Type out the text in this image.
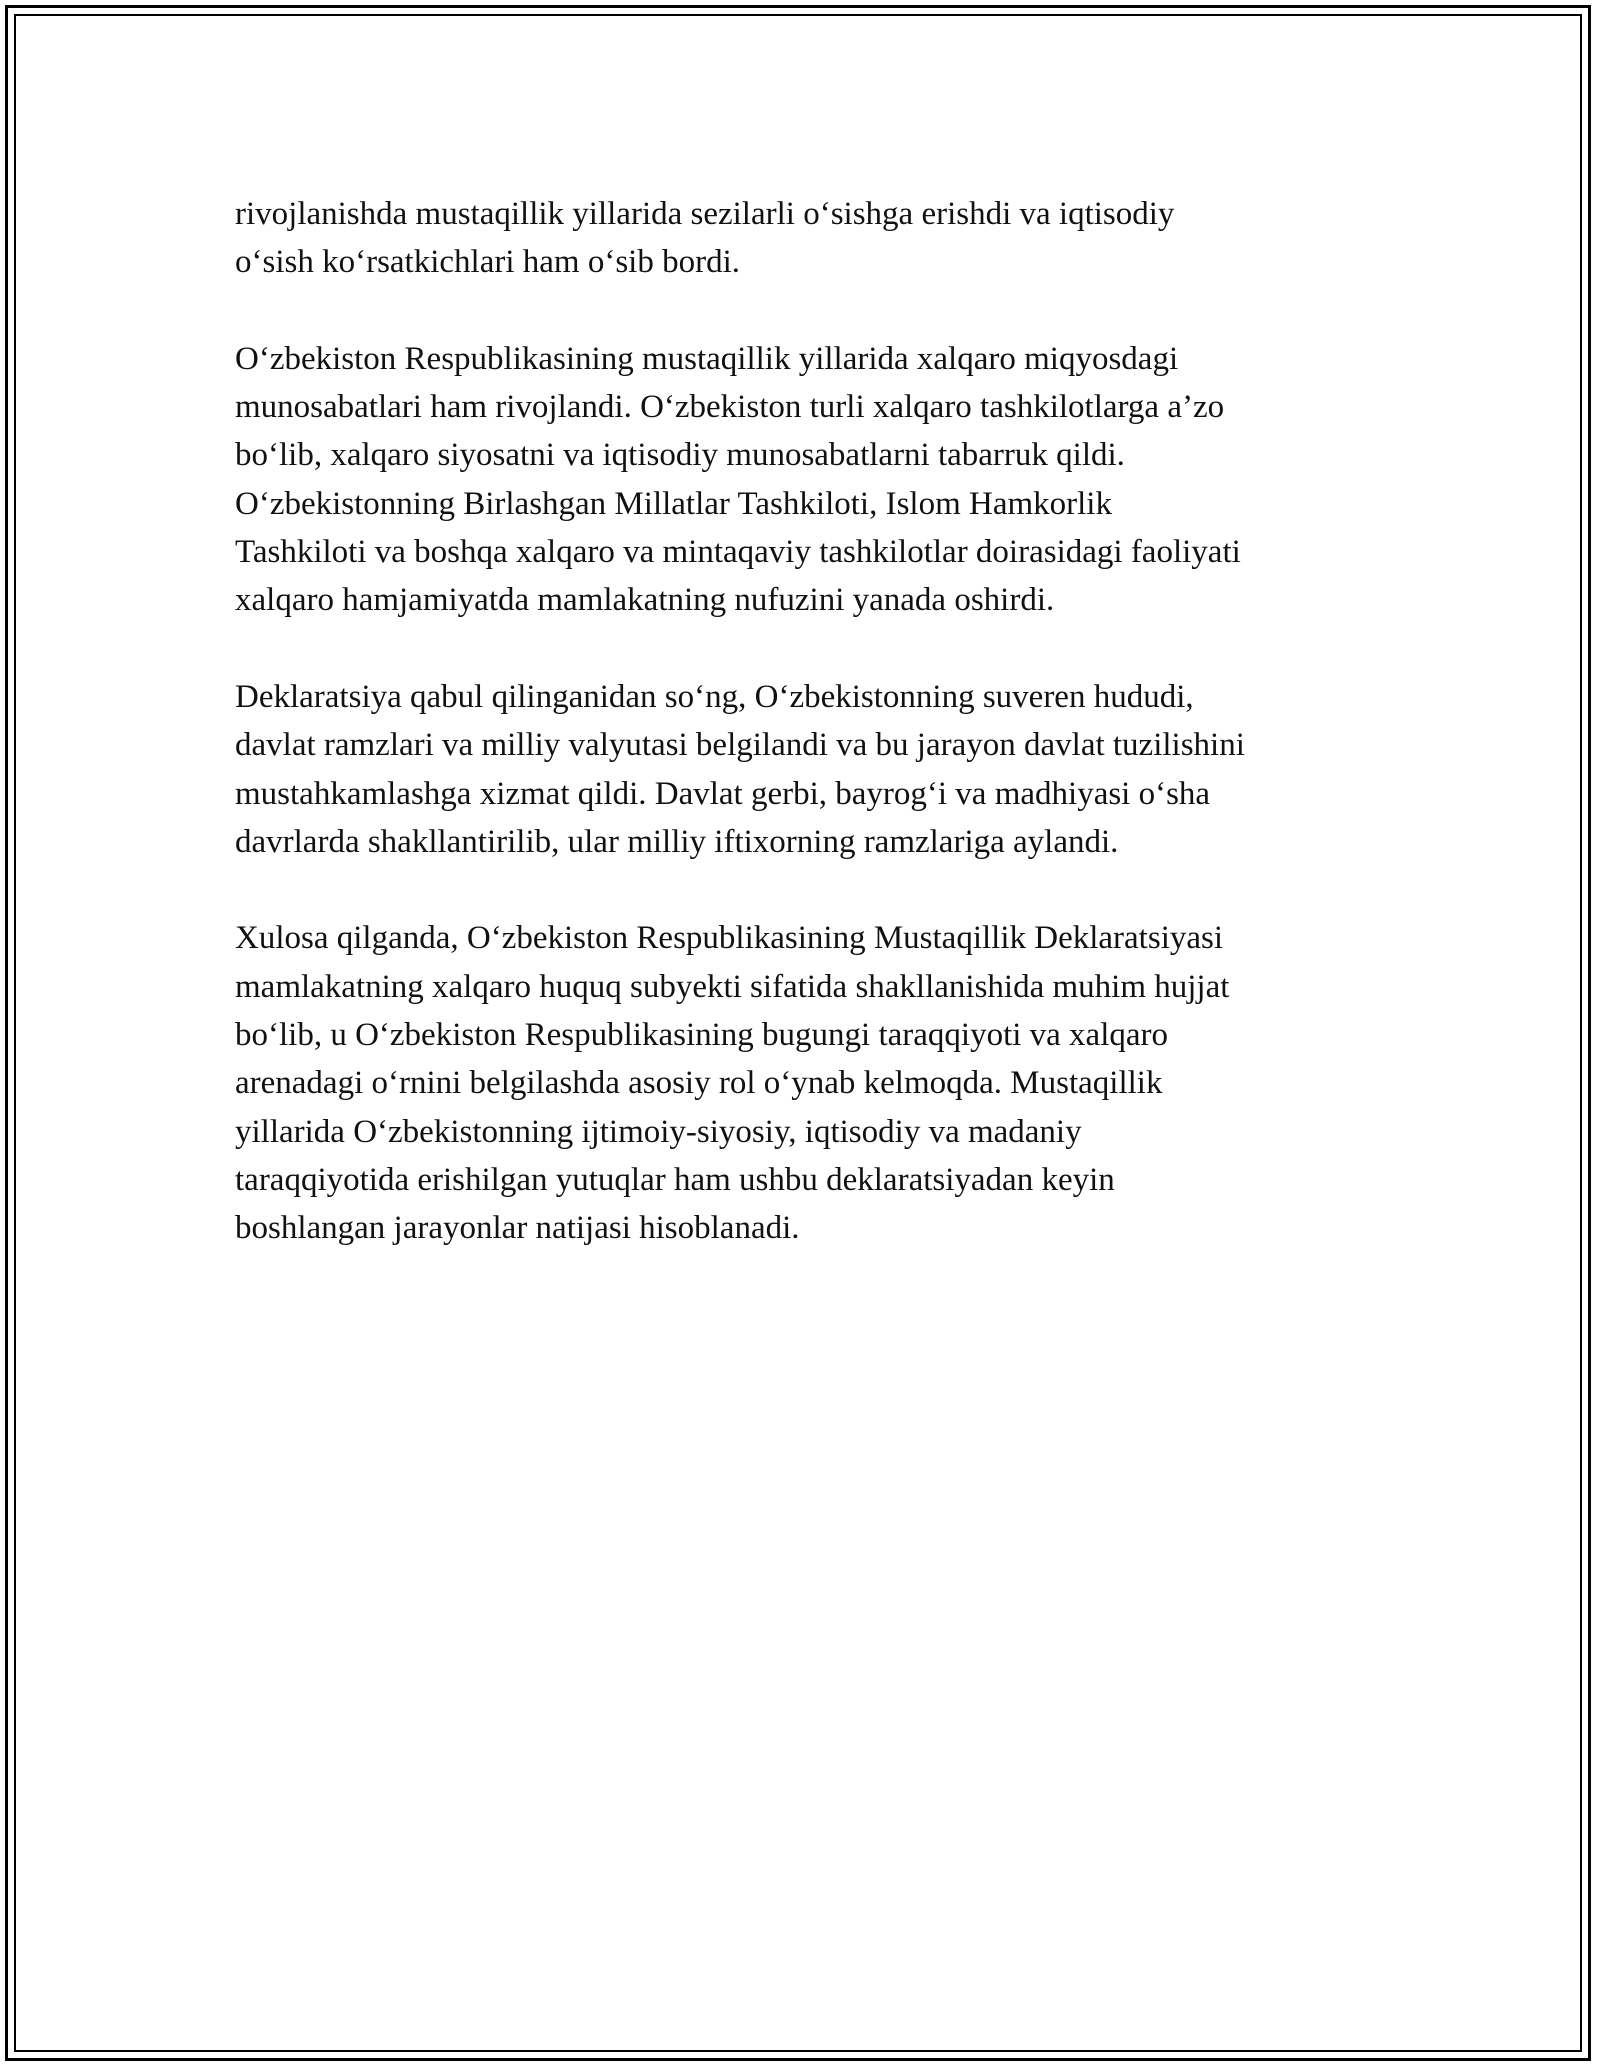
rivojlanishda mustaqillik yillarida sezilarli o‘sishga erishdi va iqtisodiy
o‘sish ko‘rsatkichlari ham o‘sib bordi.

O‘zbekiston Respublikasining mustaqillik yillarida xalqaro miqyosdagi
munosabatlari ham rivojlandi. O‘zbekiston turli xalqaro tashkilotlarga a’zo
bo‘lib, xalqaro siyosatni va iqtisodiy munosabatlarni tabarruk qildi.
O‘zbekistonning Birlashgan Millatlar Tashkiloti, Islom Hamkorlik
Tashkiloti va boshqa xalqaro va mintaqaviy tashkilotlar doirasidagi faoliyati
xalqaro hamjamiyatda mamlakatning nufuzini yanada oshirdi.

Deklaratsiya qabul qilinganidan so‘ng, O‘zbekistonning suveren hududi,
davlat ramzlari va milliy valyutasi belgilandi va bu jarayon davlat tuzilishini
mustahkamlashga xizmat qildi. Davlat gerbi, bayrog‘i va madhiyasi o‘sha
davrlarda shakllantirilib, ular milliy iftixorning ramzlariga aylandi.

Xulosa qilganda, O‘zbekiston Respublikasining Mustaqillik Deklaratsiyasi
mamlakatning xalqaro huquq subyekti sifatida shakllanishida muhim hujjat
bo‘lib, u O‘zbekiston Respublikasining bugungi taraqqiyoti va xalqaro
arenadagi o‘rnini belgilashda asosiy rol o‘ynab kelmoqda. Mustaqillik
yillarida O‘zbekistonning ijtimoiy-siyosiy, iqtisodiy va madaniy
taraqqiyotida erishilgan yutuqlar ham ushbu deklaratsiyadan keyin
boshlangan jarayonlar natijasi hisoblanadi.
